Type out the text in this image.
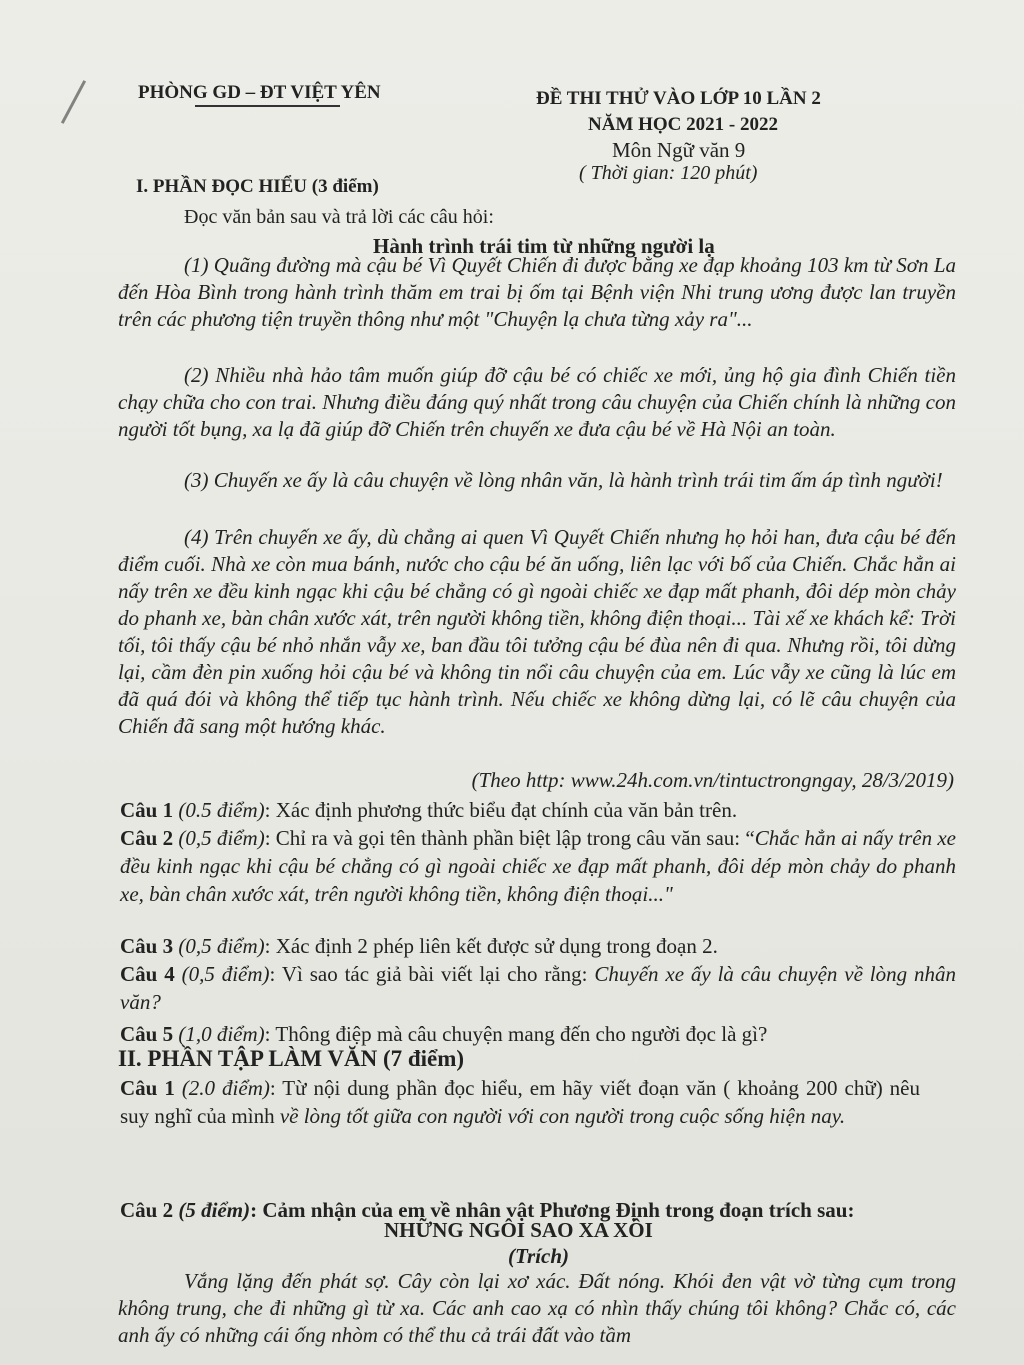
PHÒNG GD – ĐT VIỆT YÊN	ĐỀ THI THỬ VÀO LỚP 10 LẦN 2
NĂM HỌC 2021 - 2022
Môn Ngữ văn 9
( Thời gian: 120 phút)
I. PHẦN ĐỌC HIỂU (3 điểm)
Đọc văn bản sau và trả lời các câu hỏi:
Hành trình trái tim từ những người lạ
(1) Quãng đường mà cậu bé Vì Quyết Chiến đi được bằng xe đạp khoảng 103 km từ Sơn La đến Hòa Bình trong hành trình thăm em trai bị ốm tại Bệnh viện Nhi trung ương được lan truyền trên các phương tiện truyền thông như một "Chuyện lạ chưa từng xảy ra"...
(2) Nhiều nhà hảo tâm muốn giúp đỡ cậu bé có chiếc xe mới, ủng hộ gia đình Chiến tiền chạy chữa cho con trai. Nhưng điều đáng quý nhất trong câu chuyện của Chiến chính là những con người tốt bụng, xa lạ đã giúp đỡ Chiến trên chuyến xe đưa cậu bé về Hà Nội an toàn.
(3) Chuyến xe ấy là câu chuyện về lòng nhân văn, là hành trình trái tim ấm áp tình người!
(4) Trên chuyến xe ấy, dù chẳng ai quen Vì Quyết Chiến nhưng họ hỏi han, đưa cậu bé đến điểm cuối. Nhà xe còn mua bánh, nước cho cậu bé ăn uống, liên lạc với bố của Chiến. Chắc hẳn ai nấy trên xe đều kinh ngạc khi cậu bé chẳng có gì ngoài chiếc xe đạp mất phanh, đôi dép mòn chảy do phanh xe, bàn chân xước xát, trên người không tiền, không điện thoại... Tài xế xe khách kể: Trời tối, tôi thấy cậu bé nhỏ nhắn vẫy xe, ban đầu tôi tưởng cậu bé đùa nên đi qua. Nhưng rồi, tôi dừng lại, cầm đèn pin xuống hỏi cậu bé và không tin nổi câu chuyện của em. Lúc vẫy xe cũng là lúc em đã quá đói và không thể tiếp tục hành trình. Nếu chiếc xe không dừng lại, có lẽ câu chuyện của Chiến đã sang một hướng khác.
(Theo http: www.24h.com.vn/tintuctrongngay, 28/3/2019)
Câu 1 (0.5 điểm): Xác định phương thức biểu đạt chính của văn bản trên.
Câu 2 (0,5 điểm): Chỉ ra và gọi tên thành phần biệt lập trong câu văn sau: “Chắc hẳn ai nấy trên xe đều kinh ngạc khi cậu bé chẳng có gì ngoài chiếc xe đạp mất phanh, đôi dép mòn chảy do phanh xe, bàn chân xước xát, trên người không tiền, không điện thoại..."
Câu 3 (0,5 điểm): Xác định 2 phép liên kết được sử dụng trong đoạn 2.
Câu 4 (0,5 điểm): Vì sao tác giả bài viết lại cho rằng: Chuyến xe ấy là câu chuyện về lòng nhân văn?
Câu 5 (1,0 điểm): Thông điệp mà câu chuyện mang đến cho người đọc là gì?
II. PHẦN TẬP LÀM VĂN (7 điểm)
Câu 1 (2.0 điểm): Từ nội dung phần đọc hiểu, em hãy viết đoạn văn ( khoảng 200 chữ) nêu suy nghĩ của mình về lòng tốt giữa con người với con người trong cuộc sống hiện nay.
Câu 2 (5 điểm): Cảm nhận của em về nhân vật Phương Định trong đoạn trích sau:
NHỮNG NGÔI SAO XA XÔI
(Trích)
Vắng lặng đến phát sợ. Cây còn lại xơ xác. Đất nóng. Khói đen vật vờ từng cụm trong không trung, che đi những gì từ xa. Các anh cao xạ có nhìn thấy chúng tôi không? Chắc có, các anh ấy có những cái ống nhòm có thể thu cả trái đất vào tầm
